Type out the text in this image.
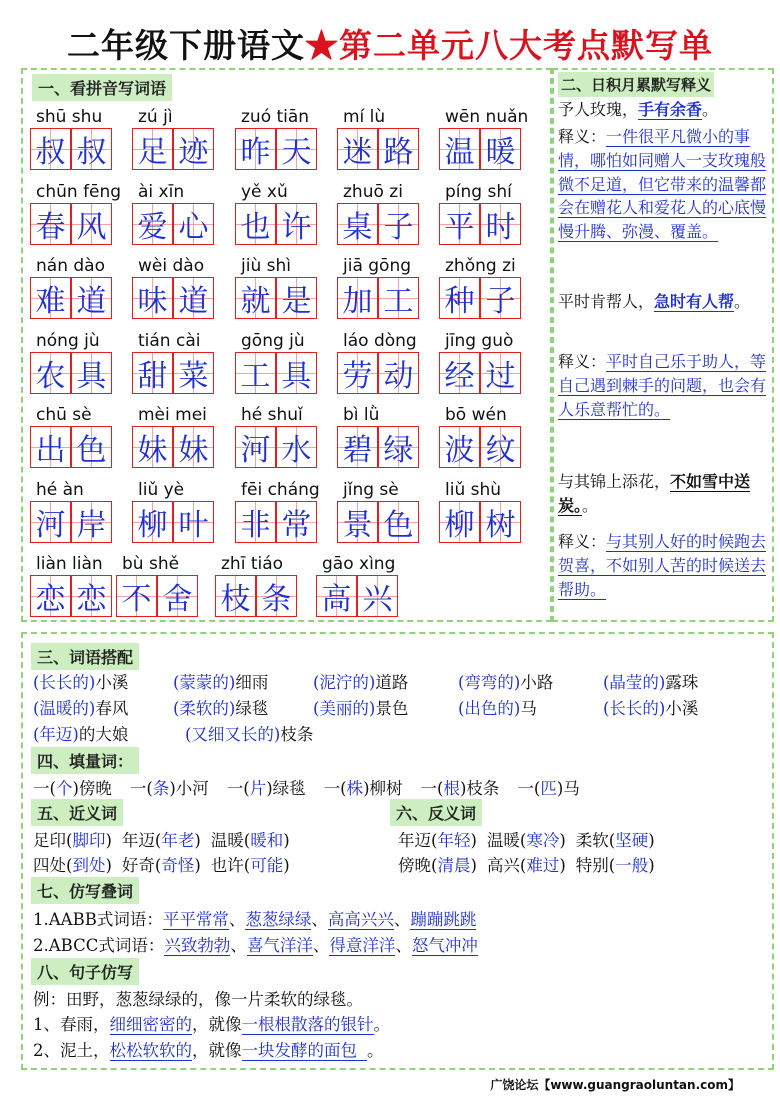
二年级下册语文★第二单元八大考点默写单
一、看拼音写词语
shū shu
叔 叔
zú jì
足 迹
zuó tiān
昨 天
mí lù
迷 路
wēn nuǎn
温 暖
chūn fēng
春 风
ài xīn
爱 心
yě xǔ
也 许
zhuō zi
桌 子
píng shí
平 时
nán dào
难 道
wèi dào
味 道
jiù shì
就 是
jiā gōng
加 工
zhǒng zi
种 子
nóng jù
农 具
tián cài
甜 菜
gōng jù
工 具
láo dòng
劳 动
jīng guò
经 过
chū sè
出 色
mèi mei
妹 妹
hé shuǐ
河 水
bì lǜ
碧 绿
bō wén
波 纹
hé àn
河 岸
liǔ yè
柳 叶
fēi cháng
非 常
jǐng sè
景 色
liǔ shù
柳 树
liàn liàn
恋 恋
bù shě
不 舍
zhī tiáo
枝 条
gāo xìng
高 兴
二、日积月累默写释义
予人玫瑰，手有余香。
释义：一件很平凡微小的事情，哪怕如同赠人一支玫瑰般微不足道，但它带来的温馨都会在赠花人和爱花人的心底慢慢升腾、弥漫、覆盖。
平时肯帮人，急时有人帮。
释义：平时自己乐于助人，等自己遇到棘手的问题，也会有人乐意帮忙的。
与其锦上添花，不如雪中送炭。。
释义：与其别人好的时候跑去贺喜，不如别人苦的时候送去帮助。
三、词语搭配
(长长的)小溪	(蒙蒙的)细雨	(泥泞的)道路	(弯弯的)小路	(晶莹的)露珠
(温暖的)春风	(柔软的)绿毯	(美丽的)景色	(出色的)马	(长长的)小溪
(年迈)的大娘	(又细又长的)枝条
四、填量词：
一(个)傍晚 一(条)小河 一(片)绿毯 一(株)柳树 一(根)枝条 一(匹)马
五、近义词	六、反义词
足印(脚印) 年迈(年老) 温暖(暖和)
四处(到处) 好奇(奇怪) 也许(可能)
年迈(年轻) 温暖(寒冷) 柔软(坚硬)
傍晚(清晨) 高兴(难过) 特别(一般)
七、仿写叠词
1.AABB式词语：平平常常、葱葱绿绿、高高兴兴、蹦蹦跳跳
2.ABCC式词语：兴致勃勃、喜气洋洋、得意洋洋、怒气冲冲
八、句子仿写
例：田野，葱葱绿绿的，像一片柔软的绿毯。
1、春雨，细细密密的，就像一根根散落的银针。
2、泥土，松松软软的，就像一块发酵的面包 。
广饶论坛【www.guangraoluntan.com】
